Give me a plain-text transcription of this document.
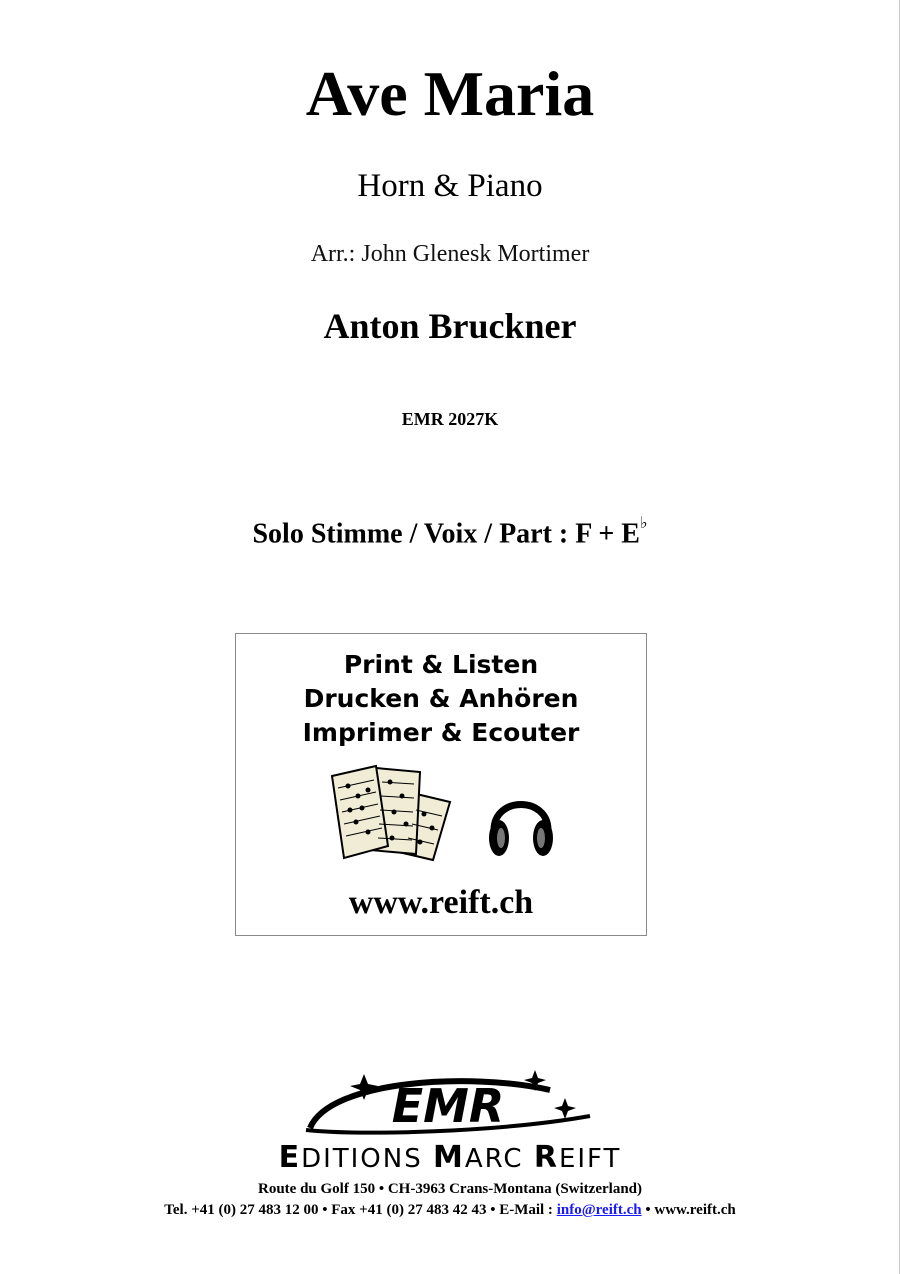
Ave Maria
Horn & Piano
Arr.: John Glenesk Mortimer
Anton Bruckner
EMR 2027K
Solo Stimme / Voix / Part : F + E♭
Print & Listen
Drucken & Anhören
Imprimer & Ecouter
www.reift.ch
EMR
EDITIONS MARC REIFT
Route du Golf 150 • CH-3963 Crans-Montana (Switzerland)
Tel. +41 (0) 27 483 12 00 • Fax +41 (0) 27 483 42 43 • E-Mail : info@reift.ch • www.reift.ch
